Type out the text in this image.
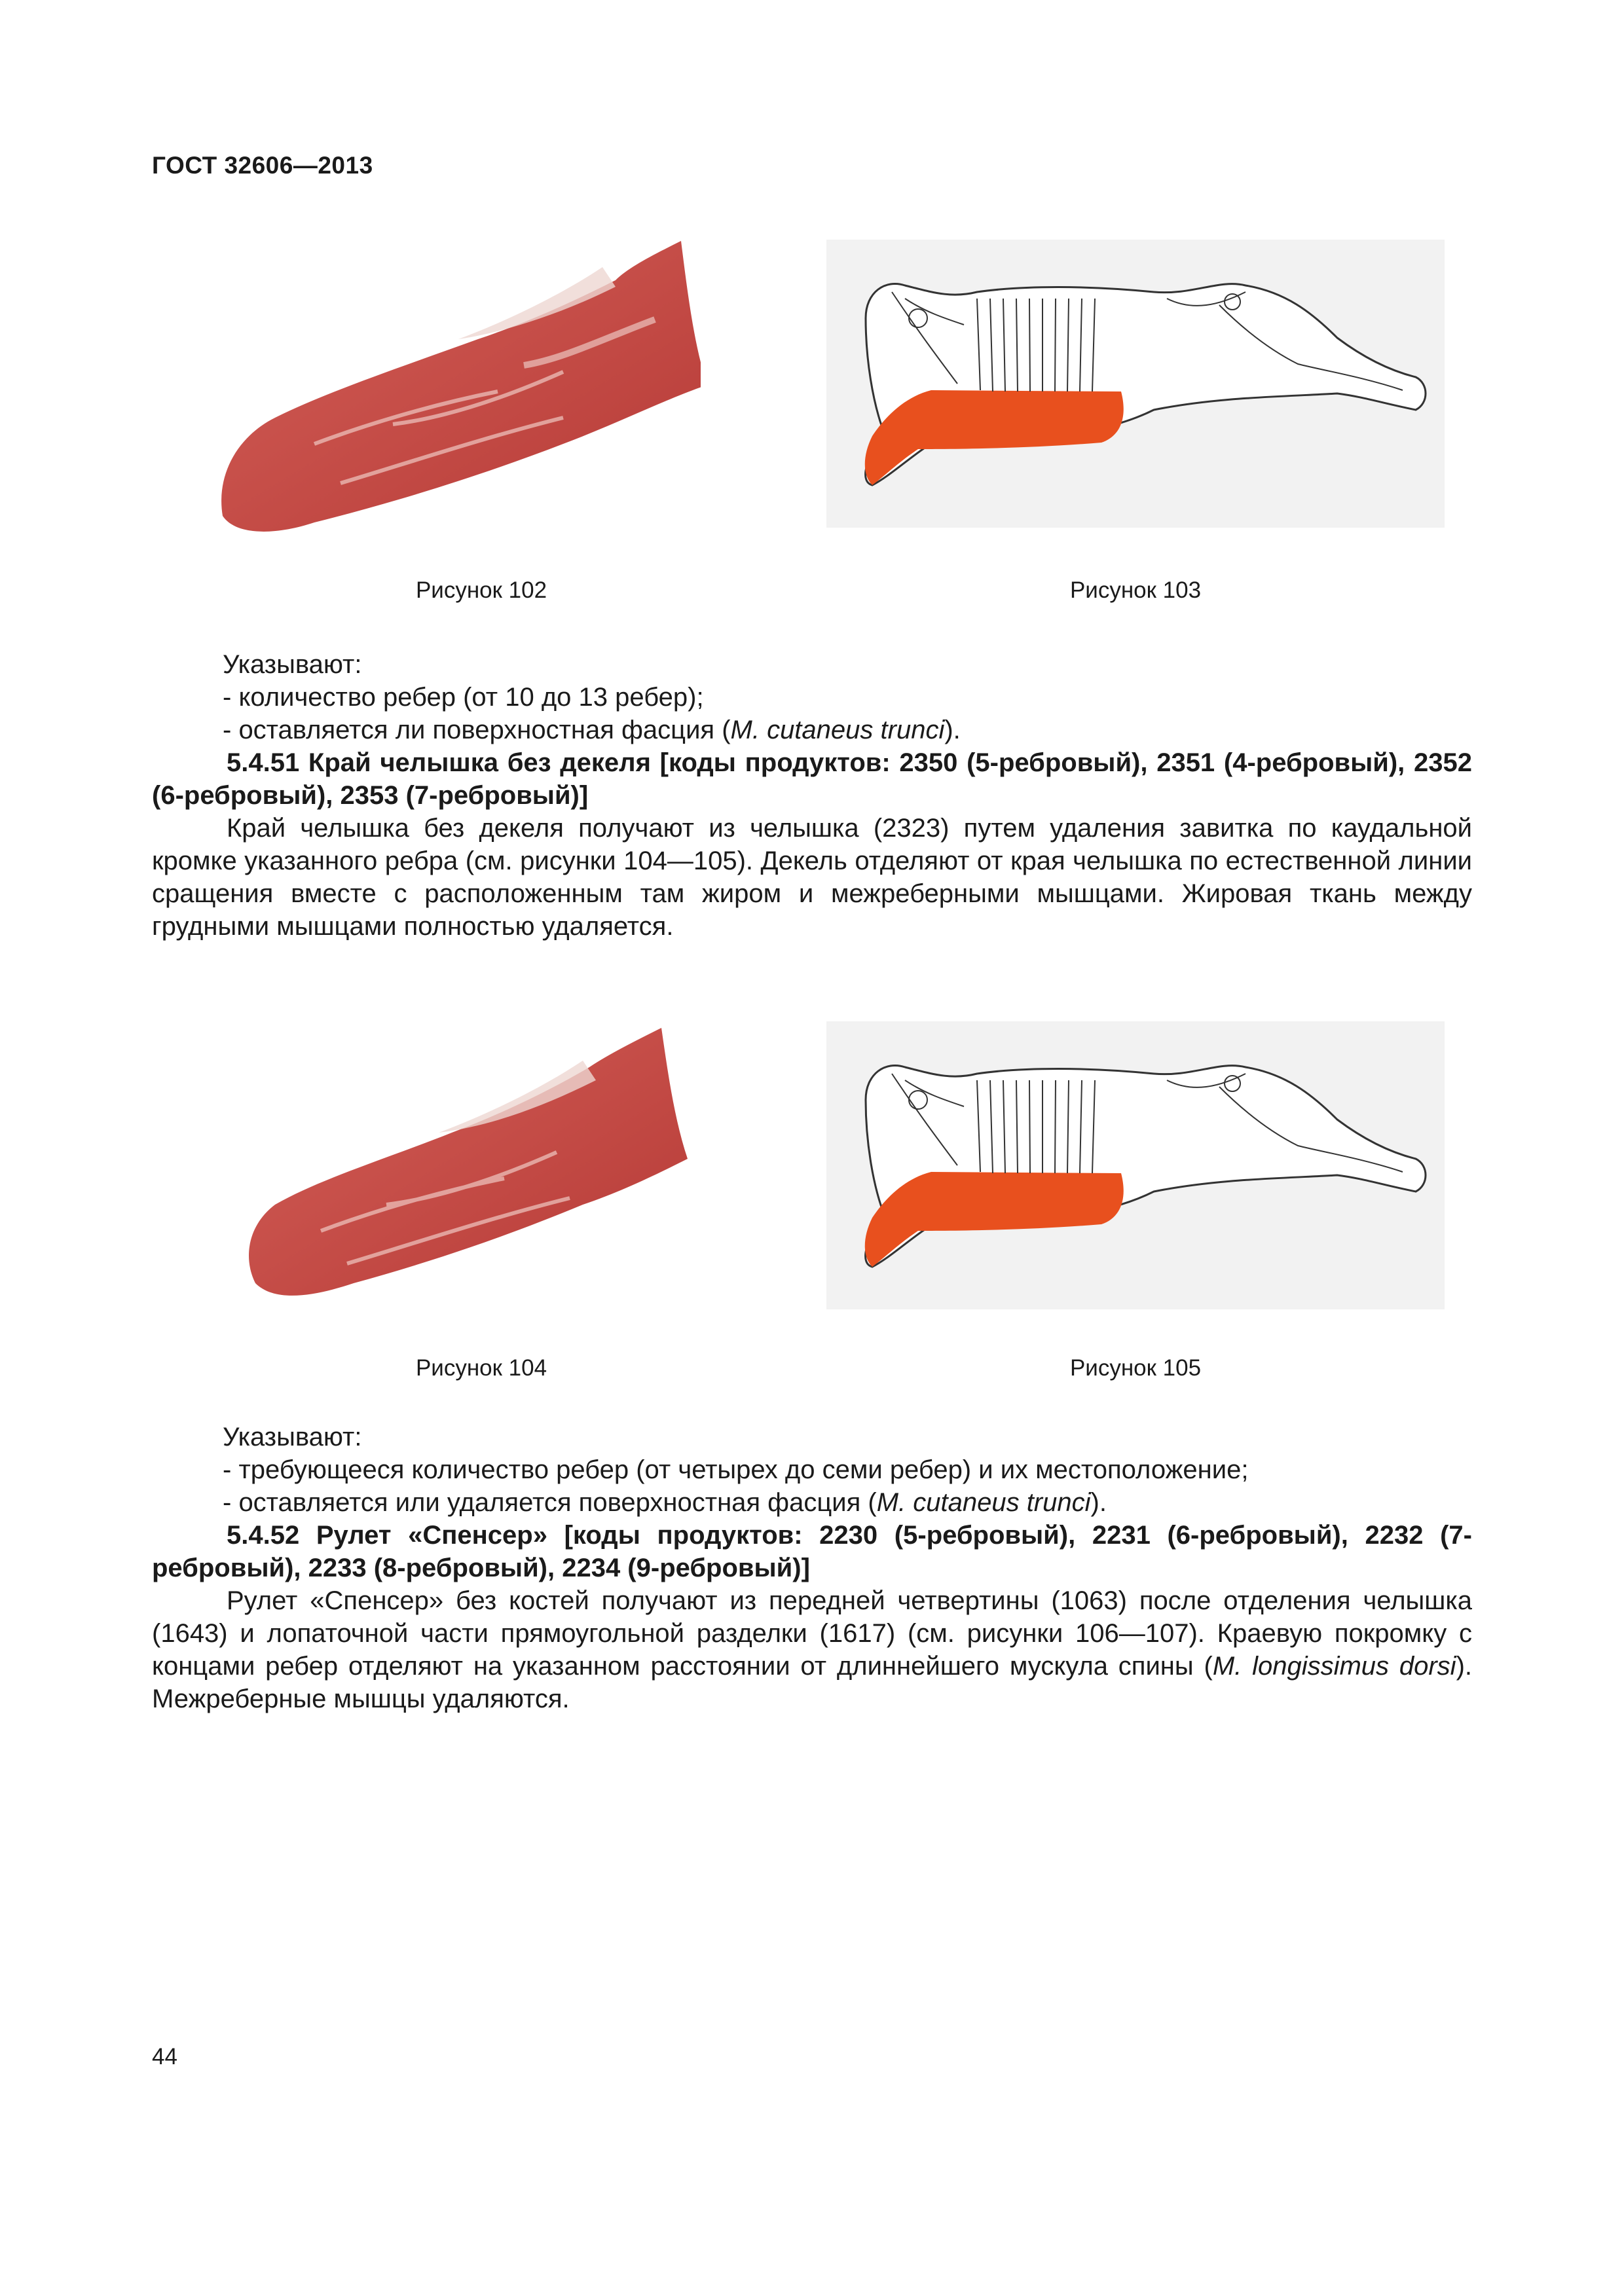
ГОСТ 32606—2013
Рисунок 102	Рисунок 103

Указывают:

- количество ребер (от 10 до 13 ребер);

- оставляется ли поверхностная фасция (M. cutaneus trunci).

5.4.51 Край челышка без декеля [коды продуктов: 2350 (5-ребровый), 2351 (4-ребровый), 2352 (6-ребровый), 2353 (7-ребровый)]

Край челышка без декеля получают из челышка (2323) путем удаления завитка по каудальной кромке указанного ребра (см. рисунки 104—105). Декель отделяют от края челышка по естественной линии сращения вместе с расположенным там жиром и межреберными мышцами. Жировая ткань между грудными мышцами полностью удаляется.

Рисунок 104	Рисунок 105

Указывают:

- требующееся количество ребер (от четырех до семи ребер) и их местоположение;

- оставляется или удаляется поверхностная фасция (M. cutaneus trunci).

5.4.52 Рулет «Спенсер» [коды продуктов: 2230 (5-ребровый), 2231 (6-ребровый), 2232 (7-ребровый), 2233 (8-ребровый), 2234 (9-ребровый)]

Рулет «Спенсер» без костей получают из передней четвертины (1063) после отделения челышка (1643) и лопаточной части прямоугольной разделки (1617) (см. рисунки 106—107). Краевую покромку с концами ребер отделяют на указанном расстоянии от длиннейшего мускула спины (M. longissimus dorsi). Межреберные мышцы удаляются.

44
